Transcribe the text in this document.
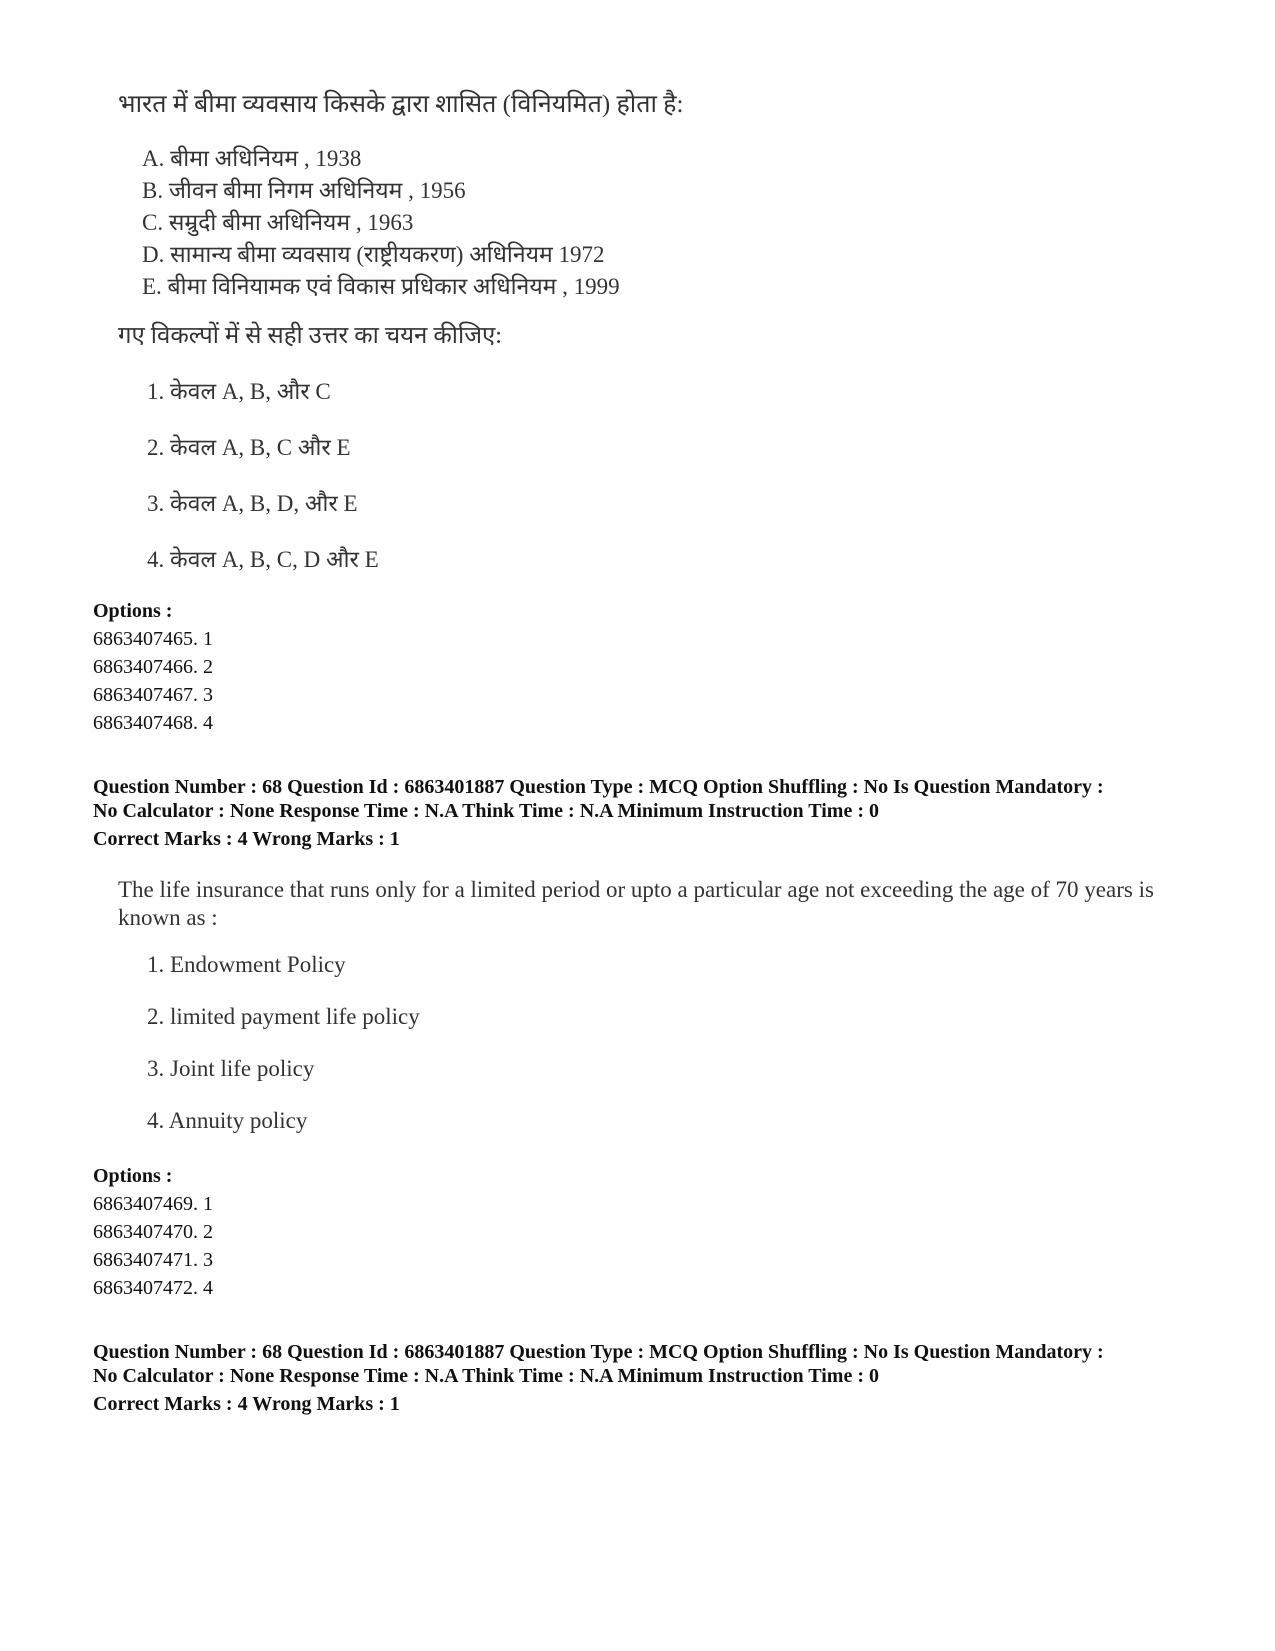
भारत में बीमा व्यवसाय किसके द्वारा शासित (विनियमित) होता है:
A. बीमा अधिनियम , 1938
B. जीवन बीमा निगम अधिनियम , 1956
C. सम्रुदी बीमा अधिनियम , 1963
D. सामान्य बीमा व्यवसाय (राष्ट्रीयकरण) अधिनियम 1972
E. बीमा विनियामक एवं विकास प्रधिकार अधिनियम , 1999
गए विकल्पों में से सही उत्तर का चयन कीजिए:
1. केवल A, B, और C
2. केवल A, B, C और E
3. केवल A, B, D, और E
4. केवल A, B, C, D और E
Options :
6863407465. 1
6863407466. 2
6863407467. 3
6863407468. 4
Question Number : 68 Question Id : 6863401887 Question Type : MCQ Option Shuffling : No Is Question Mandatory :
No Calculator : None Response Time : N.A Think Time : N.A Minimum Instruction Time : 0
Correct Marks : 4 Wrong Marks : 1
The life insurance that runs only for a limited period or upto a particular age not exceeding the age of 70 years is known as :
1. Endowment Policy
2. limited payment life policy
3. Joint life policy
4. Annuity policy
Options :
6863407469. 1
6863407470. 2
6863407471. 3
6863407472. 4
Question Number : 68 Question Id : 6863401887 Question Type : MCQ Option Shuffling : No Is Question Mandatory :
No Calculator : None Response Time : N.A Think Time : N.A Minimum Instruction Time : 0
Correct Marks : 4 Wrong Marks : 1
